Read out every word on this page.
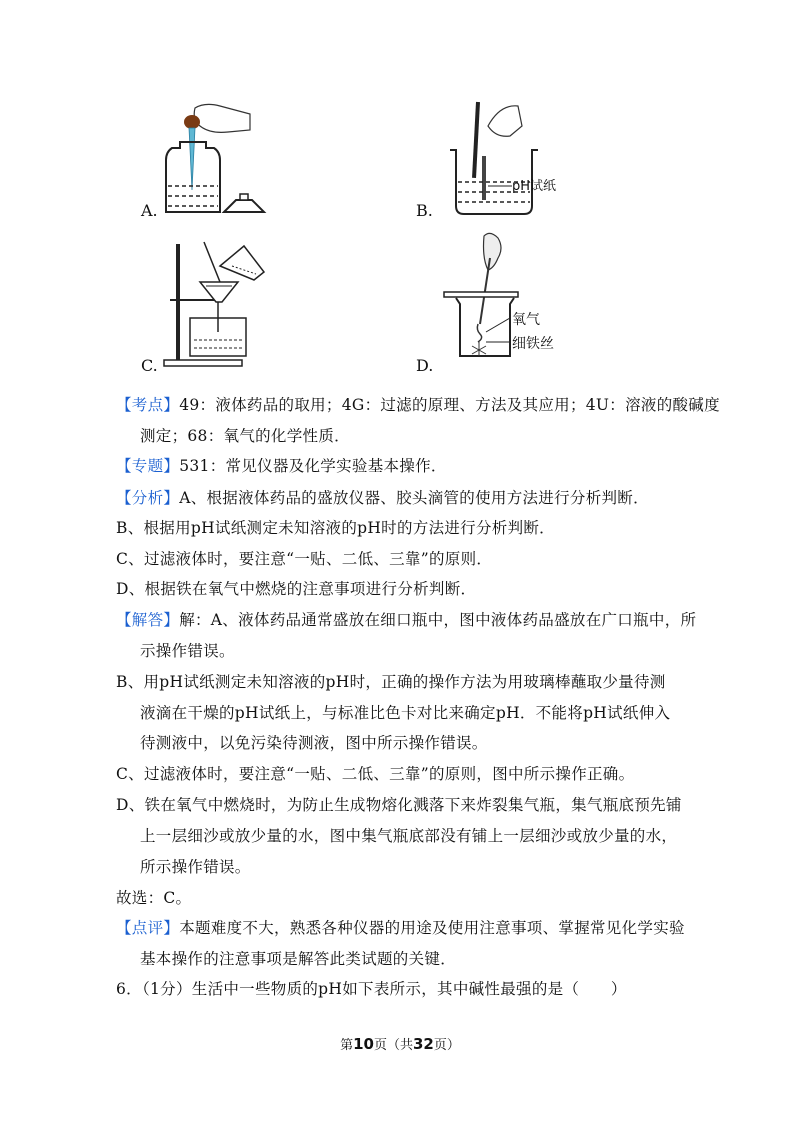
A.
pH试纸
B.
C.
氧气
细铁丝
D.
【考点】49：液体药品的取用；4G：过滤的原理、方法及其应用；4U：溶液的酸碱度
测定；68：氧气的化学性质．
【专题】531：常见仪器及化学实验基本操作．
【分析】A、根据液体药品的盛放仪器、胶头滴管的使用方法进行分析判断．
B、根据用pH试纸测定未知溶液的pH时的方法进行分析判断．
C、过滤液体时，要注意“一贴、二低、三靠”的原则．
D、根据铁在氧气中燃烧的注意事项进行分析判断．
【解答】解：A、液体药品通常盛放在细口瓶中，图中液体药品盛放在广口瓶中，所
示操作错误。
B、用pH试纸测定未知溶液的pH时，正确的操作方法为用玻璃棒蘸取少量待测
液滴在干燥的pH试纸上，与标准比色卡对比来确定pH．不能将pH试纸伸入
待测液中，以免污染待测液，图中所示操作错误。
C、过滤液体时，要注意“一贴、二低、三靠”的原则，图中所示操作正确。
D、铁在氧气中燃烧时，为防止生成物熔化溅落下来炸裂集气瓶，集气瓶底预先铺
上一层细沙或放少量的水，图中集气瓶底部没有铺上一层细沙或放少量的水，
所示操作错误。
故选：C。
【点评】本题难度不大，熟悉各种仪器的用途及使用注意事项、掌握常见化学实验
基本操作的注意事项是解答此类试题的关键．
6．（1分）生活中一些物质的pH如下表所示，其中碱性最强的是（　　）
第10页（共32页）
